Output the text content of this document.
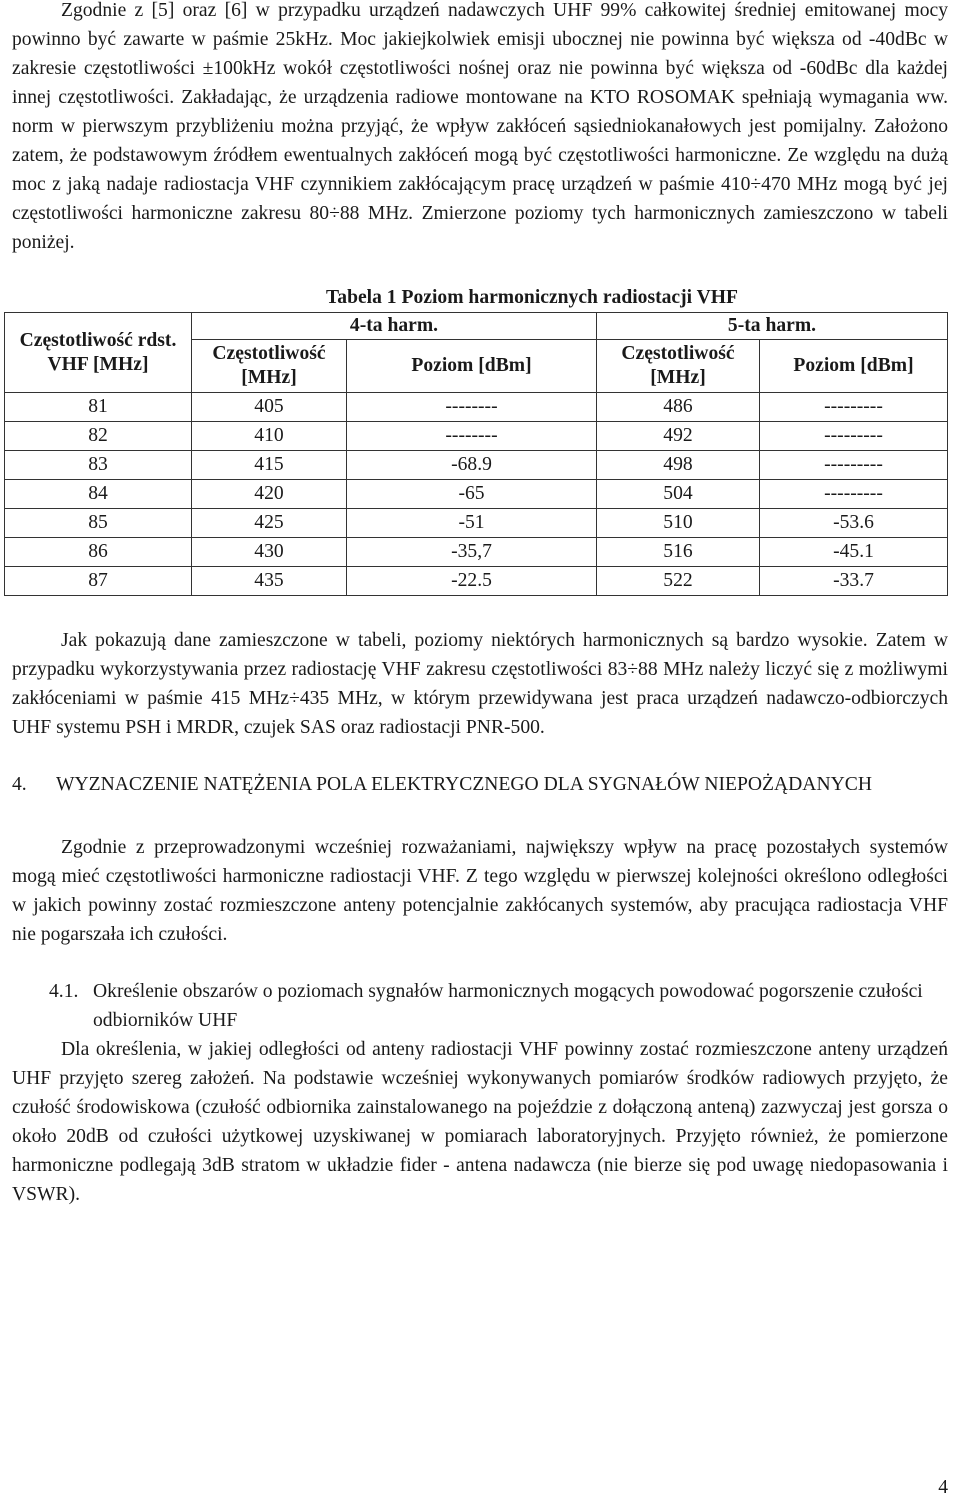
Zgodnie z [5] oraz [6] w przypadku urządzeń nadawczych UHF 99% całkowitej średniej emitowanej mocy powinno być zawarte w paśmie 25kHz. Moc jakiejkolwiek emisji ubocznej nie powinna być większa od -40dBc w zakresie częstotliwości ±100kHz wokół częstotliwości nośnej oraz nie powinna być większa od -60dBc dla każdej innej częstotliwości. Zakładając, że urządzenia radiowe montowane na KTO ROSOMAK spełniają wymagania ww. norm w pierwszym przybliżeniu można przyjąć, że wpływ zakłóceń sąsiedniokanałowych jest pomijalny. Założono zatem, że podstawowym źródłem ewentualnych zakłóceń mogą być częstotliwości harmoniczne. Ze względu na dużą moc z jaką nadaje radiostacja VHF czynnikiem zakłócającym pracę urządzeń w paśmie 410÷470 MHz mogą być jej częstotliwości harmoniczne zakresu 80÷88 MHz. Zmierzone poziomy tych harmonicznych zamieszczono w tabeli poniżej.

Tabela 1 Poziom harmonicznych radiostacji VHF
Częstotliwość rdst. VHF [MHz]	4-ta harm.		5-ta harm.	
	Częstotliwość [MHz]	Poziom [dBm]	Częstotliwość [MHz]	Poziom [dBm]
81	405	--------	486	---------
82	410	--------	492	---------
83	415	-68.9	498	---------
84	420	-65	504	---------
85	425	-51	510	-53.6
86	430	-35,7	516	-45.1
87	435	-22.5	522	-33.7

Jak pokazują dane zamieszczone w tabeli, poziomy niektórych harmonicznych są bardzo wysokie. Zatem w przypadku wykorzystywania przez radiostację VHF zakresu częstotliwości 83÷88 MHz należy liczyć się z możliwymi zakłóceniami w paśmie 415 MHz÷435 MHz, w którym przewidywana jest praca urządzeń nadawczo-odbiorczych UHF systemu PSH i MRDR, czujek SAS oraz radiostacji PNR-500.

4.	WYZNACZENIE NATĘŻENIA POLA ELEKTRYCZNEGO DLA SYGNAŁÓW NIEPOŻĄDANYCH

Zgodnie z przeprowadzonymi wcześniej rozważaniami, największy wpływ na pracę pozostałych systemów mogą mieć częstotliwości harmoniczne radiostacji VHF. Z tego względu w pierwszej kolejności określono odległości w jakich powinny zostać rozmieszczone anteny potencjalnie zakłócanych systemów, aby pracująca radiostacja VHF nie pogarszała ich czułości.

4.1. Określenie obszarów o poziomach sygnałów harmonicznych mogących powodować pogorszenie czułości odbiorników UHF

Dla określenia, w jakiej odległości od anteny radiostacji VHF powinny zostać rozmieszczone anteny urządzeń UHF przyjęto szereg założeń. Na podstawie wcześniej wykonywanych pomiarów środków radiowych przyjęto, że czułość środowiskowa (czułość odbiornika zainstalowanego na pojeździe z dołączoną anteną) zazwyczaj jest gorsza o około 20dB od czułości użytkowej uzyskiwanej w pomiarach laboratoryjnych. Przyjęto również, że pomierzone harmoniczne podlegają 3dB stratom w układzie fider - antena nadawcza (nie bierze się pod uwagę niedopasowania i VSWR).

4
